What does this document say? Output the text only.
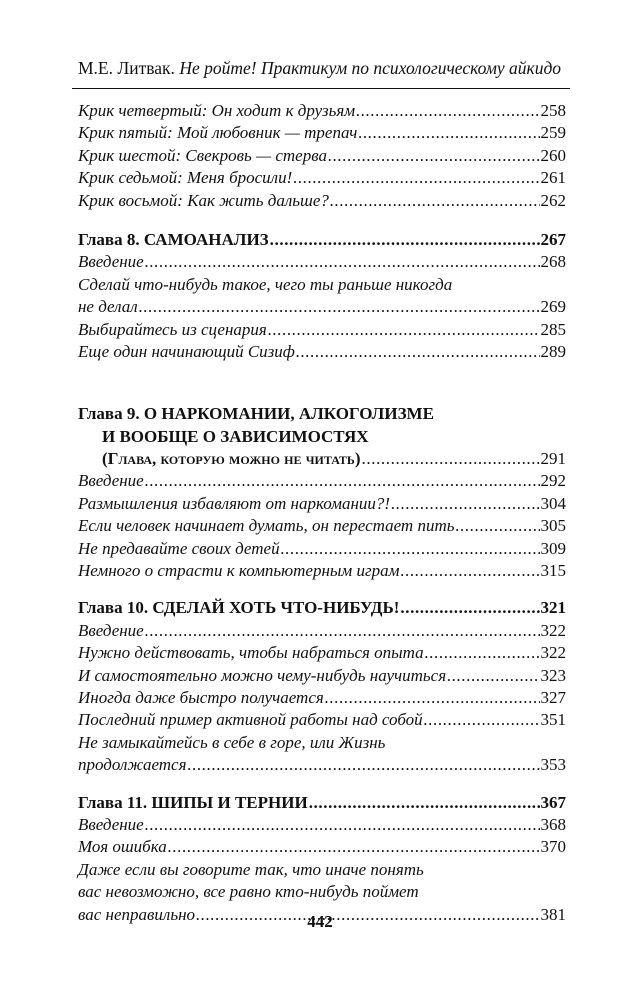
М.Е. Литвак. Не ройте! Практикум по психологическому айкидо
Крик четвертый: Он ходит к друзьям .....	258
Крик пятый: Мой любовник — трепач .....	259
Крик шестой: Свекровь — стерва .....	260
Крик седьмой: Меня бросили! .....	261
Крик восьмой: Как жить дальше? .....	262
Глава 8. САМОАНАЛИЗ .....	267
Введение .....	268
Сделай что-нибудь такое, чего ты раньше никогда
не делал .....	269
Выбирайтесь из сценария .....	285
Еще один начинающий Сизиф .....	289
Глава 9. О НАРКОМАНИИ, АЛКОГОЛИЗМЕ
И ВООБЩЕ О ЗАВИСИМОСТЯХ
(Глава, которую можно не читать) .....	291
Введение .....	292
Размышления избавляют от наркомании?! .....	304
Если человек начинает думать, он перестает пить .....	305
Не предавайте своих детей .....	309
Немного о страсти к компьютерным играм .....	315
Глава 10. СДЕЛАЙ ХОТЬ ЧТО-НИБУДЬ! .....	321
Введение .....	322
Нужно действовать, чтобы набраться опыта .....	322
И самостоятельно можно чему-нибудь научиться .....	323
Иногда даже быстро получается .....	327
Последний пример активной работы над собой .....	351
Не замыкайтейсь в себе в горе, или Жизнь
продолжается .....	353
Глава 11. ШИПЫ И ТЕРНИИ .....	367
Введение .....	368
Моя ошибка .....	370
Даже если вы говорите так, что иначе понять
вас невозможно, все равно кто-нибудь поймет
вас неправильно .....	381
442
